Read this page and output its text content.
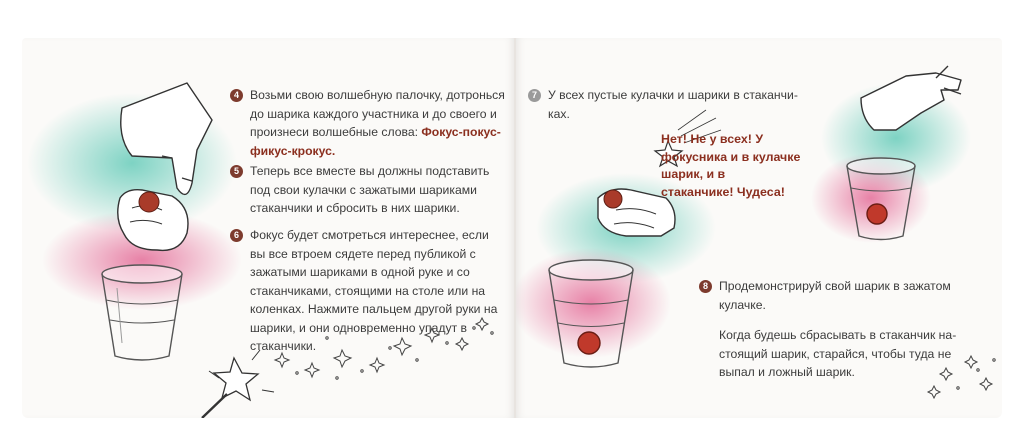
4 Возьми свою волшебную палочку, дотронься до шарика каждого участника и до своего и произнеси волшебные слова: Фокус-покус-фикус-крокус.
5 Теперь все вместе вы должны подставить под свои кулачки с зажатыми шариками стаканчики и сбросить в них шарики.
6 Фокус будет смотреться интереснее, если вы все втроем сядете перед публикой с зажатыми шариками в одной руке и со стаканчиками, стоящими на столе или на коленках. Нажмите пальцем другой руки на шарики, и они одновременно упадут в стаканчики.
7 У всех пустые кулачки и шарики в стаканчиках.
Нет! Не у всех! У фокусника и в кулачке шарик, и в стаканчике! Чудеса!
8 Продемонстрируй свой шарик в зажатом кулачке.
Когда будешь сбрасывать в стаканчик настоящий шарик, старайся, чтобы туда не выпал и ложный шарик.
